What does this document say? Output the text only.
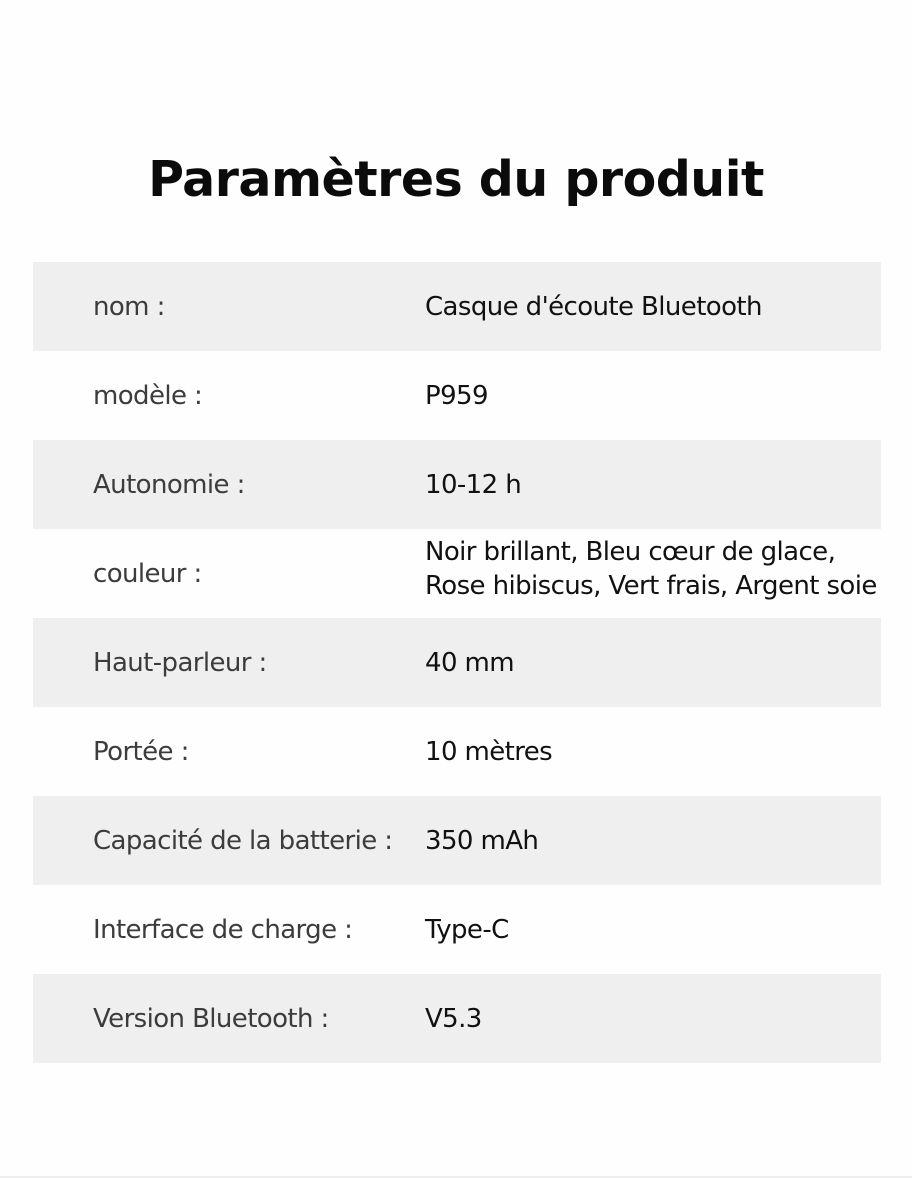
Paramètres du produit
nom :	Casque d'écoute Bluetooth
modèle :	P959
Autonomie :	10-12 h
couleur :
Noir brillant, Bleu cœur de glace,
Rose hibiscus, Vert frais, Argent soie
Haut-parleur :	40 mm
Portée :	10 mètres
Capacité de la batterie : 350 mAh
Interface de charge :	Type-C
Version Bluetooth :	V5.3
